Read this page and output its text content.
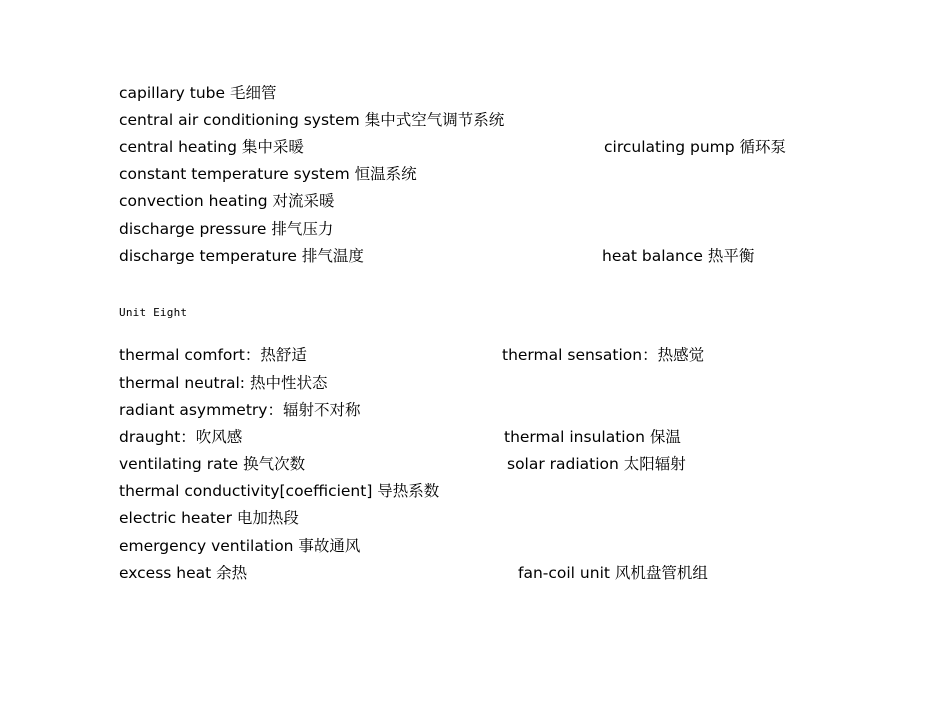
capillary tube 毛细管
central air conditioning system 集中式空气调节系统
central heating 集中采暖	circulating pump 循环泵
constant temperature system 恒温系统
convection heating 对流采暖
discharge pressure 排气压力
discharge temperature 排气温度	heat balance 热平衡
Unit Eight
thermal comfort：热舒适	thermal sensation：热感觉
thermal neutral: 热中性状态
radiant asymmetry：辐射不对称
draught：吹风感	thermal insulation 保温
ventilating rate 换气次数	solar radiation 太阳辐射
thermal conductivity[coefficient] 导热系数
electric heater 电加热段
emergency ventilation 事故通风
excess heat 余热	fan-coil unit 风机盘管机组
